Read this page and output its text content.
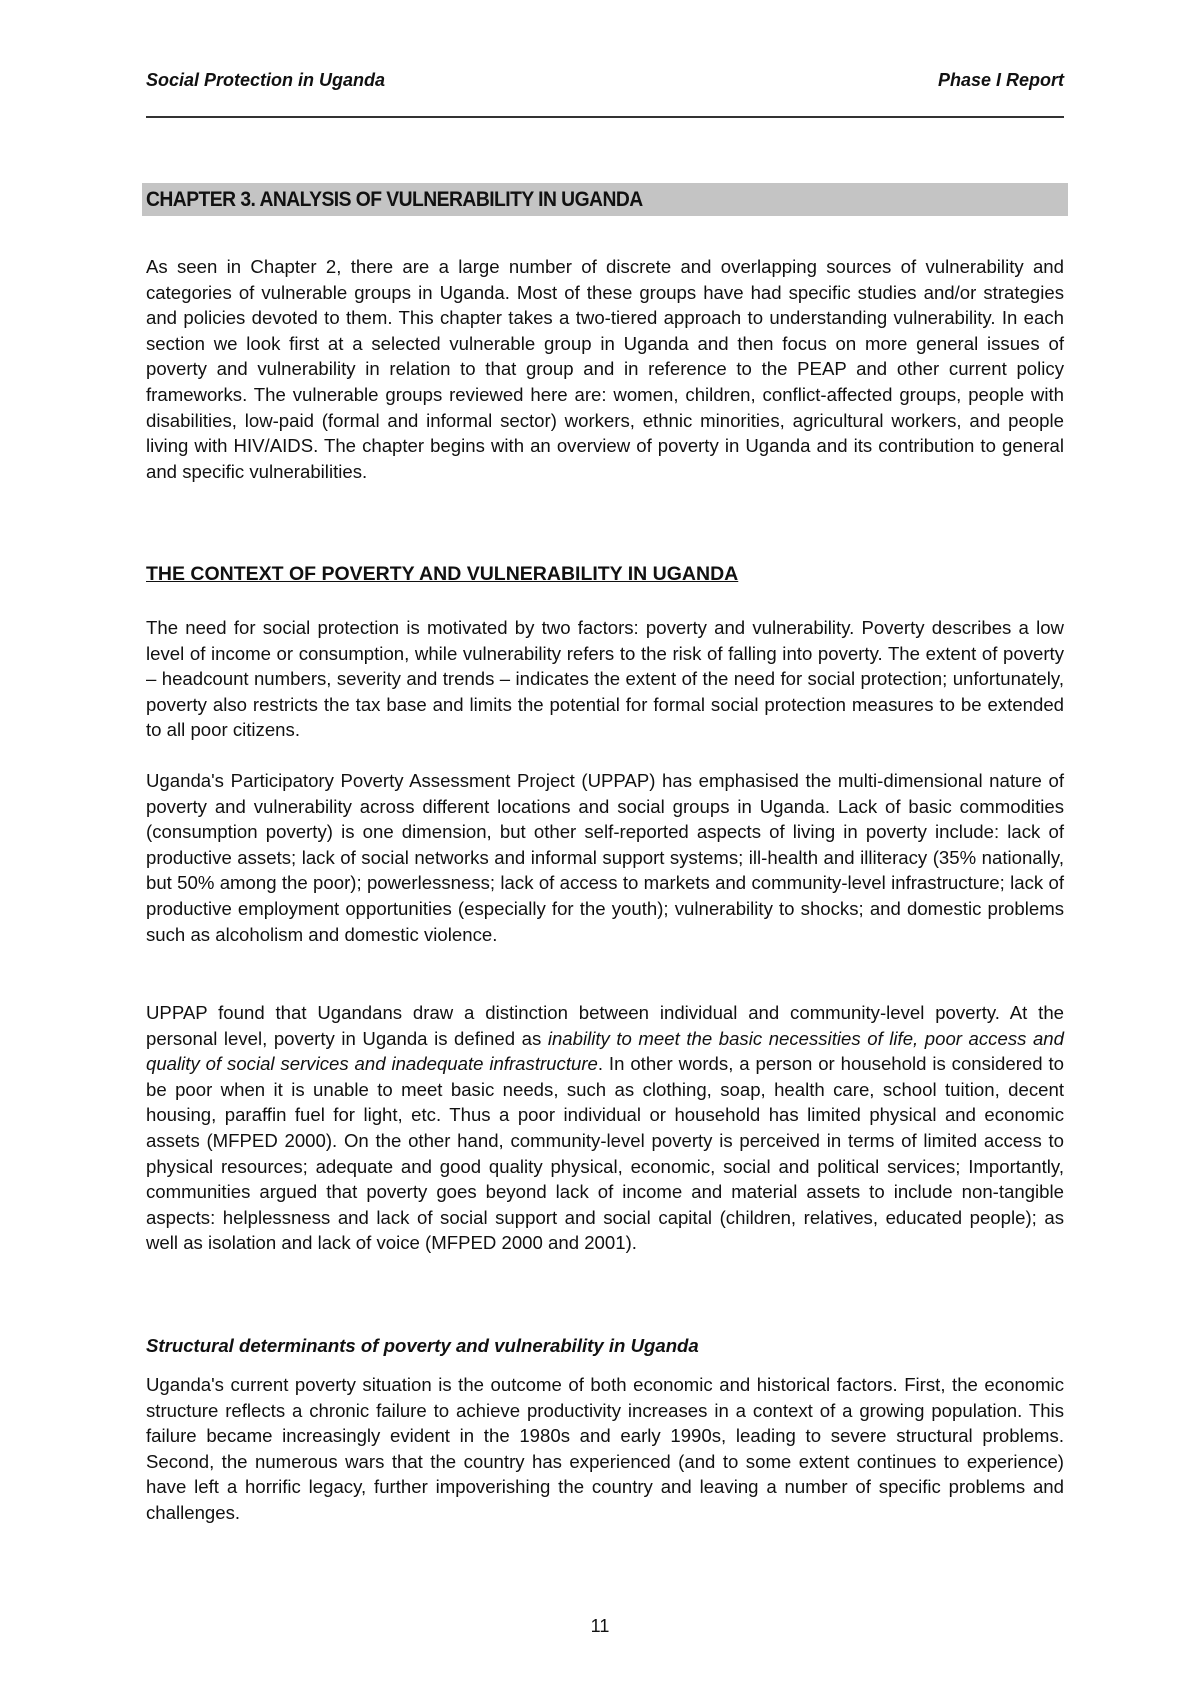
Social Protection in Uganda	Phase I Report
CHAPTER 3. ANALYSIS OF VULNERABILITY IN UGANDA

As seen in Chapter 2, there are a large number of discrete and overlapping sources of vulnerability and categories of vulnerable groups in Uganda. Most of these groups have had specific studies and/or strategies and policies devoted to them. This chapter takes a two-tiered approach to understanding vulnerability. In each section we look first at a selected vulnerable group in Uganda and then focus on more general issues of poverty and vulnerability in relation to that group and in reference to the PEAP and other current policy frameworks. The vulnerable groups reviewed here are: women, children, conflict-affected groups, people with disabilities, low-paid (formal and informal sector) workers, ethnic minorities, agricultural workers, and people living with HIV/AIDS. The chapter begins with an overview of poverty in Uganda and its contribution to general and specific vulnerabilities.

THE CONTEXT OF POVERTY AND VULNERABILITY IN UGANDA

The need for social protection is motivated by two factors: poverty and vulnerability. Poverty describes a low level of income or consumption, while vulnerability refers to the risk of falling into poverty. The extent of poverty – headcount numbers, severity and trends – indicates the extent of the need for social protection; unfortunately, poverty also restricts the tax base and limits the potential for formal social protection measures to be extended to all poor citizens.

Uganda's Participatory Poverty Assessment Project (UPPAP) has emphasised the multi-dimensional nature of poverty and vulnerability across different locations and social groups in Uganda. Lack of basic commodities (consumption poverty) is one dimension, but other self-reported aspects of living in poverty include: lack of productive assets; lack of social networks and informal support systems; ill-health and illiteracy (35% nationally, but 50% among the poor); powerlessness; lack of access to markets and community-level infrastructure; lack of productive employment opportunities (especially for the youth); vulnerability to shocks; and domestic problems such as alcoholism and domestic violence.

UPPAP found that Ugandans draw a distinction between individual and community-level poverty. At the personal level, poverty in Uganda is defined as inability to meet the basic necessities of life, poor access and quality of social services and inadequate infrastructure. In other words, a person or household is considered to be poor when it is unable to meet basic needs, such as clothing, soap, health care, school tuition, decent housing, paraffin fuel for light, etc. Thus a poor individual or household has limited physical and economic assets (MFPED 2000). On the other hand, community-level poverty is perceived in terms of limited access to physical resources; adequate and good quality physical, economic, social and political services; Importantly, communities argued that poverty goes beyond lack of income and material assets to include non-tangible aspects: helplessness and lack of social support and social capital (children, relatives, educated people); as well as isolation and lack of voice (MFPED 2000 and 2001).

Structural determinants of poverty and vulnerability in Uganda

Uganda's current poverty situation is the outcome of both economic and historical factors. First, the economic structure reflects a chronic failure to achieve productivity increases in a context of a growing population. This failure became increasingly evident in the 1980s and early 1990s, leading to severe structural problems. Second, the numerous wars that the country has experienced (and to some extent continues to experience) have left a horrific legacy, further impoverishing the country and leaving a number of specific problems and challenges.

11
